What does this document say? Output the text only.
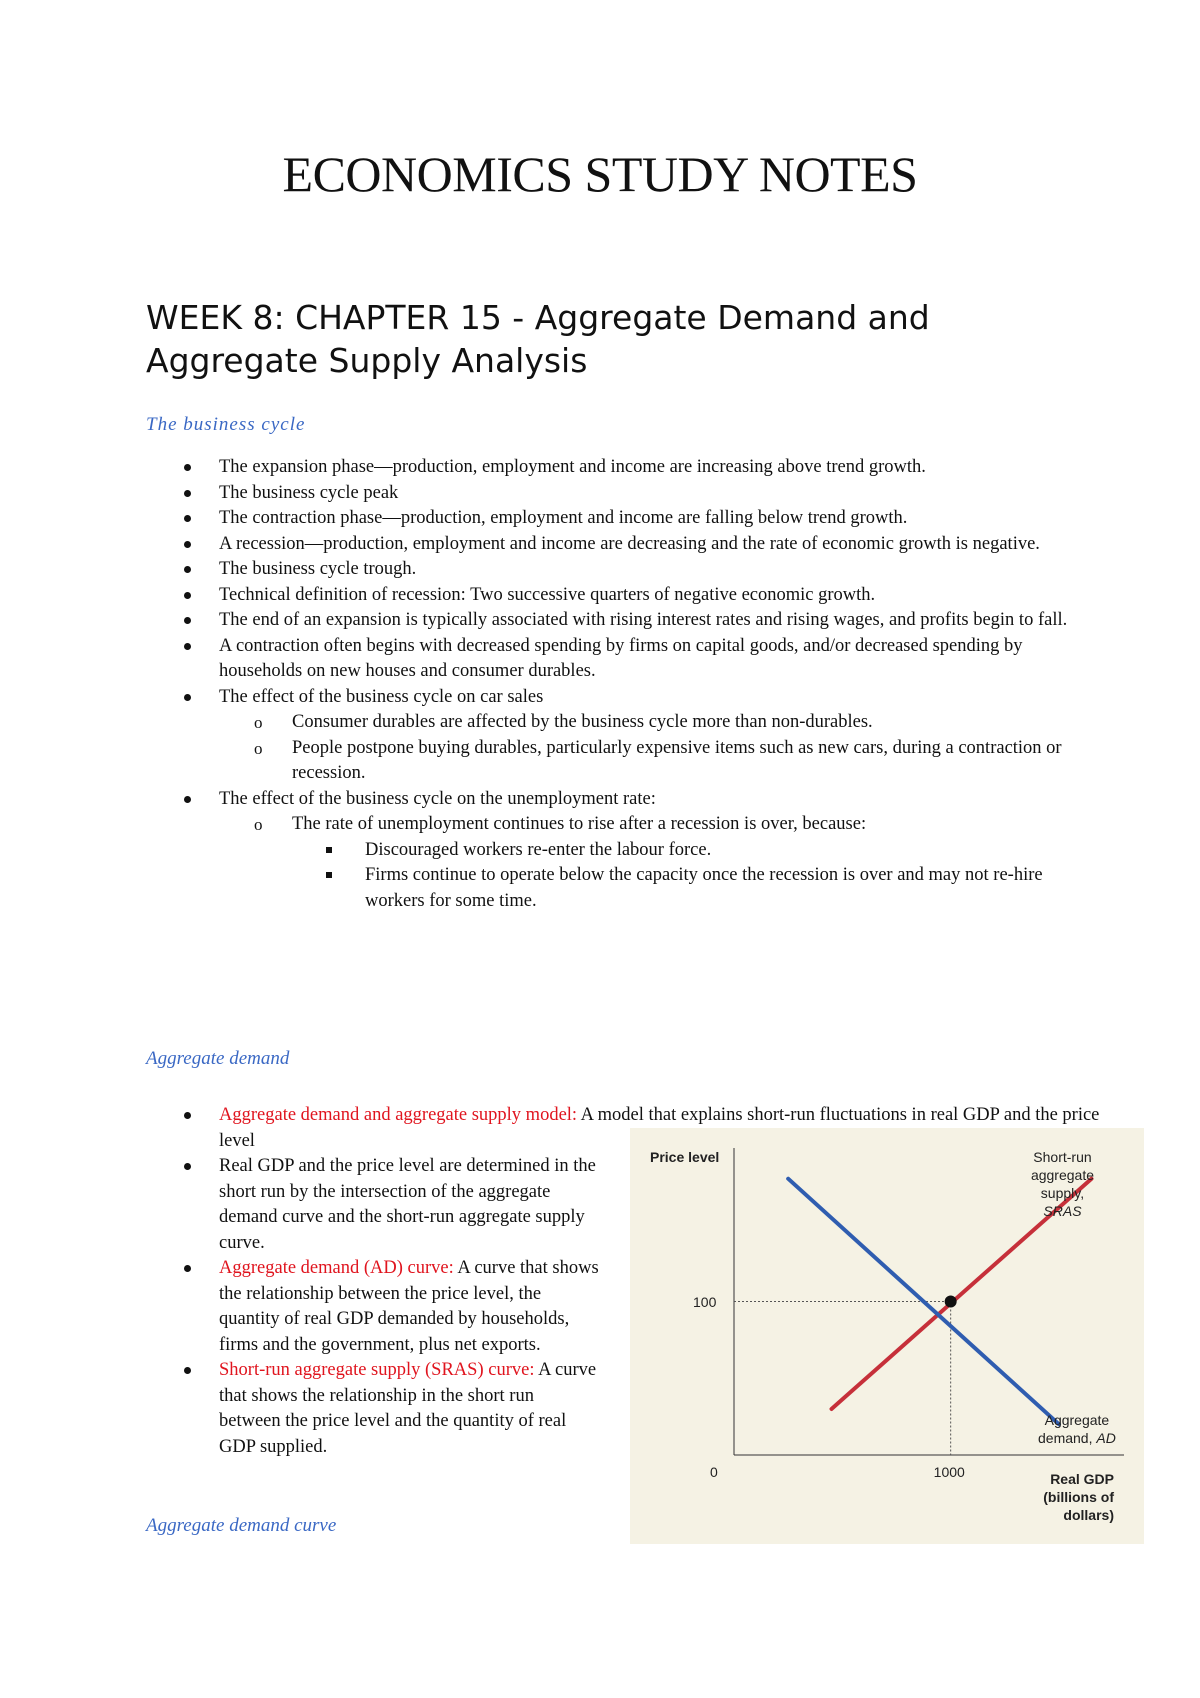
ECONOMICS STUDY NOTES
WEEK 8: CHAPTER 15 - Aggregate Demand and Aggregate Supply Analysis
The business cycle
The expansion phase—production, employment and income are increasing above trend growth.
The business cycle peak
The contraction phase—production, employment and income are falling below trend growth.
A recession—production, employment and income are decreasing and the rate of economic growth is negative.
The business cycle trough.
Technical definition of recession: Two successive quarters of negative economic growth.
The end of an expansion is typically associated with rising interest rates and rising wages, and profits begin to fall.
A contraction often begins with decreased spending by firms on capital goods, and/or decreased spending by households on new houses and consumer durables.
The effect of the business cycle on car sales
o Consumer durables are affected by the business cycle more than non-durables.
o People postpone buying durables, particularly expensive items such as new cars, during a contraction or recession.
The effect of the business cycle on the unemployment rate:
o The rate of unemployment continues to rise after a recession is over, because:
Discouraged workers re-enter the labour force.
Firms continue to operate below the capacity once the recession is over and may not re-hire workers for some time.
Aggregate demand
Aggregate demand and aggregate supply model: A model that explains short-run fluctuations in real GDP and the price level
Real GDP and the price level are determined in the short run by the intersection of the aggregate demand curve and the short-run aggregate supply curve.
Aggregate demand (AD) curve: A curve that shows the relationship between the price level, the quantity of real GDP demanded by households, firms and the government, plus net exports.
Short-run aggregate supply (SRAS) curve: A curve that shows the relationship in the short run between the price level and the quantity of real GDP supplied.
Aggregate demand curve
Price level
100
0	1000	Real GDP
(billions of
dollars)
Short-run
aggregate
supply,
SRAS
Aggregate
demand, AD
